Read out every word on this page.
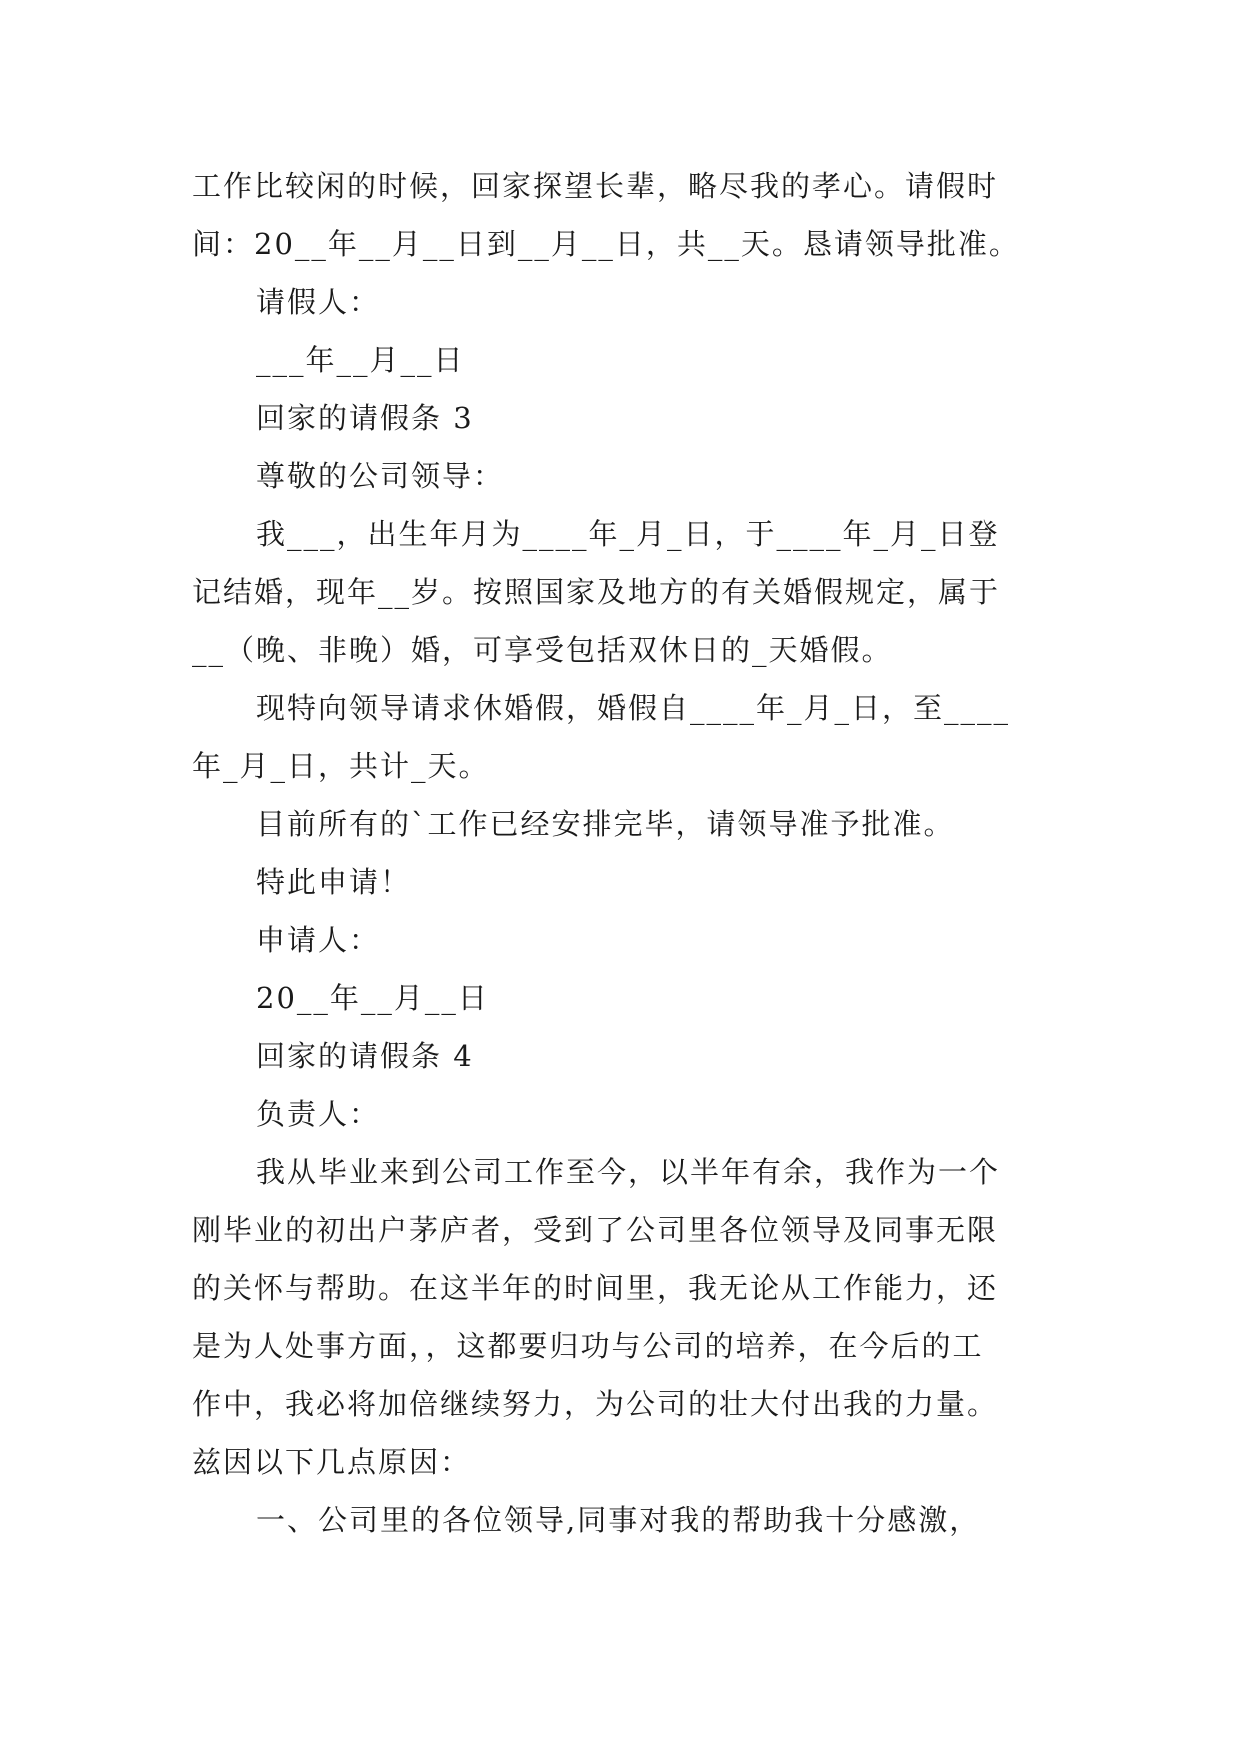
工作比较闲的时候，回家探望长辈，略尽我的孝心。请假时
间：20__年__月__日到__月__日，共__天。恳请领导批准。
请假人：
___年__月__日
回家的请假条 3
尊敬的公司领导：
我___，出生年月为____年_月_日，于____年_月_日登
记结婚，现年__岁。按照国家及地方的有关婚假规定，属于
__（晚、非晚）婚，可享受包括双休日的_天婚假。
现特向领导请求休婚假，婚假自____年_月_日，至____
年_月_日，共计_天。
目前所有的`工作已经安排完毕，请领导准予批准。
特此申请！
申请人：
20__年__月__日
回家的请假条 4
负责人：
我从毕业来到公司工作至今，以半年有余，我作为一个
刚毕业的初出户茅庐者，受到了公司里各位领导及同事无限
的关怀与帮助。在这半年的时间里，我无论从工作能力，还
是为人处事方面，，这都要归功与公司的培养，在今后的工
作中，我必将加倍继续努力，为公司的壮大付出我的力量。
兹因以下几点原因：
一、公司里的各位领导,同事对我的帮助我十分感激，
